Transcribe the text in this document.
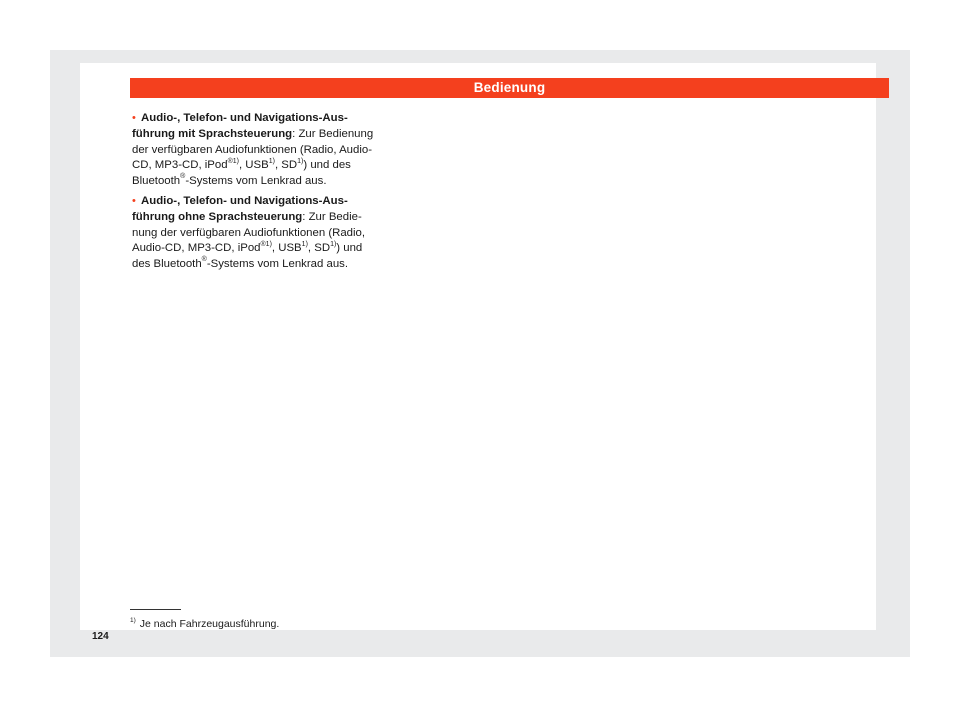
Bedienung

• Audio-, Telefon- und Navigations-Ausführung mit Sprachsteuerung: Zur Bedienung der verfügbaren Audiofunktionen (Radio, Audio-CD, MP3-CD, iPod$^{®1)}$, USB$^{1)}$, SD$^{1)}$) und des Bluetooth®-Systems vom Lenkrad aus.

• Audio-, Telefon- und Navigations-Ausführung ohne Sprachsteuerung: Zur Bedienung der verfügbaren Audiofunktionen (Radio, Audio-CD, MP3-CD, iPod$^{®1)}$, USB$^{1)}$, SD$^{1)}$) und des Bluetooth®-Systems vom Lenkrad aus.

$^{1)}$ Je nach Fahrzeugausführung.
124
